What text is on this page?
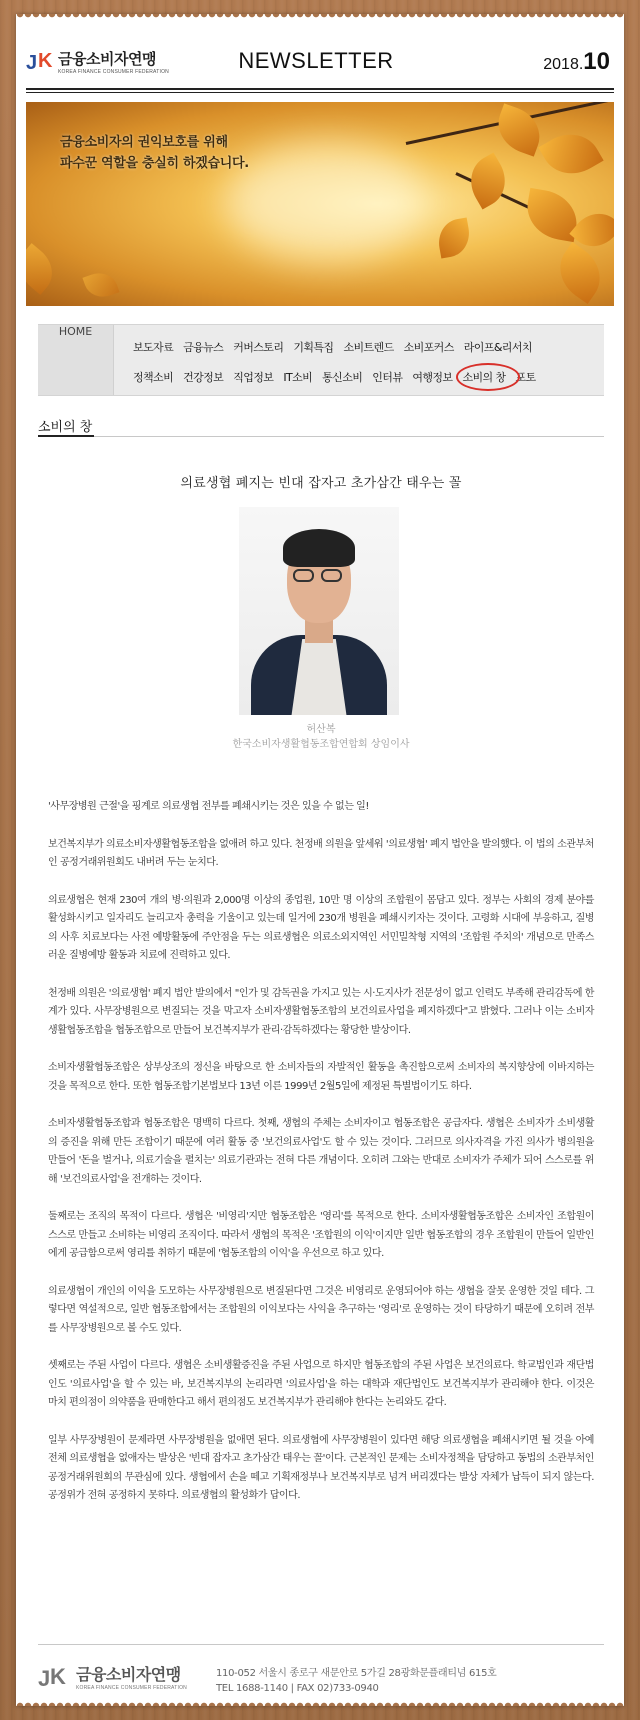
J K 금융소비자연맹
KOREA FINANCE CONSUMER FEDERATION	NEWSLETTER	2018.10
금융소비자의 권익보호를 위해
파수꾼 역할을 충실히 하겠습니다.
HOME
보도자료 금융뉴스 커버스토리 기획특집 소비트렌드 소비포커스 라이프&리서치
정책소비 건강정보 직업정보 IT소비 통신소비 인터뷰 여행정보 소비의 창 포토
소비의 창
의료생협 폐지는 빈대 잡자고 초가삼간 태우는 꼴
허산복
한국소비자생활협동조합연합회 상임이사

'사무장병원 근절'을 핑계로 의료생협 전부를 폐쇄시키는 것은 있을 수 없는 일!

보건복지부가 의료소비자생활협동조합을 없애려 하고 있다. 천정배 의원을 앞세워 '의료생협' 폐지 법안을 발의했다. 이 법의 소관부처인 공정거래위원회도 내버려 두는 눈치다.

의료생협은 현재 230여 개의 병·의원과 2,000명 이상의 종업원, 10만 명 이상의 조합원이 몸담고 있다. 정부는 사회의 경제 분야를 활성화시키고 일자리도 늘리고자 총력을 기울이고 있는데 일거에 230개 병원을 폐쇄시키자는 것이다. 고령화 시대에 부응하고, 질병의 사후 치료보다는 사전 예방활동에 주안점을 두는 의료생협은 의료소외지역인 서민밀착형 지역의 '조합원 주치의' 개념으로 만족스러운 질병예방 활동과 치료에 진력하고 있다.

천정배 의원은 '의료생협' 폐지 법안 발의에서 "인가 및 감독권을 가지고 있는 시·도지사가 전문성이 없고 인력도 부족해 관리감독에 한계가 있다. 사무장병원으로 변질되는 것을 막고자 소비자생활협동조합의 보건의료사업을 폐지하겠다"고 밝혔다. 그러나 이는 소비자생활협동조합을 협동조합으로 만들어 보건복지부가 관리·감독하겠다는 황당한 발상이다.

소비자생활협동조합은 상부상조의 정신을 바탕으로 한 소비자들의 자발적인 활동을 촉진함으로써 소비자의 복지향상에 이바지하는 것을 목적으로 한다. 또한 협동조합기본법보다 13년 이른 1999년 2월5일에 제정된 특별법이기도 하다.

소비자생활협동조합과 협동조합은 명백히 다르다. 첫째, 생협의 주체는 소비자이고 협동조합은 공급자다. 생협은 소비자가 소비생활의 증진을 위해 만든 조합이기 때문에 여러 활동 중 '보건의료사업'도 할 수 있는 것이다. 그러므로 의사자격을 가진 의사가 병의원을 만들어 '돈을 벌거나, 의료기술을 펼치는' 의료기관과는 전혀 다른 개념이다. 오히려 그와는 반대로 소비자가 주체가 되어 스스로를 위해 '보건의료사업'을 전개하는 것이다.

둘째로는 조직의 목적이 다르다. 생협은 '비영리'지만 협동조합은 '영리'를 목적으로 한다. 소비자생활협동조합은 소비자인 조합원이 스스로 만들고 소비하는 비영리 조직이다. 따라서 생협의 목적은 '조합원의 이익'이지만 일반 협동조합의 경우 조합원이 만들어 일반인에게 공급함으로써 영리를 취하기 때문에 '협동조합의 이익'을 우선으로 하고 있다.

의료생협이 개인의 이익을 도모하는 사무장병원으로 변질된다면 그것은 비영리로 운영되어야 하는 생협을 잘못 운영한 것일 테다. 그렇다면 역설적으로, 일반 협동조합에서는 조합원의 이익보다는 사익을 추구하는 '영리'로 운영하는 것이 타당하기 때문에 오히려 전부를 사무장병원으로 볼 수도 있다.

셋째로는 주된 사업이 다르다. 생협은 소비생활증진을 주된 사업으로 하지만 협동조합의 주된 사업은 보건의료다. 학교법인과 재단법인도 '의료사업'을 할 수 있는 바, 보건복지부의 논리라면 '의료사업'을 하는 대학과 재단법인도 보건복지부가 관리해야 한다. 이것은 마치 편의점이 의약품을 판매한다고 해서 편의점도 보건복지부가 관리해야 한다는 논리와도 같다.

일부 사무장병원이 문제라면 사무장병원을 없애면 된다. 의료생협에 사무장병원이 있다면 해당 의료생협을 폐쇄시키면 될 것을 아예 전체 의료생협을 없애자는 발상은 '빈대 잡자고 초가삼간 태우는 꼴'이다. 근본적인 문제는 소비자정책을 담당하고 동법의 소관부처인 공정거래위원회의 무관심에 있다. 생협에서 손을 떼고 기획재정부나 보건복지부로 넘겨 버리겠다는 발상 자체가 납득이 되지 않는다. 공정위가 전혀 공정하지 못하다. 의료생협의 활성화가 답이다.

J K 금융소비자연맹
KOREA FINANCE CONSUMER FEDERATION
110-052 서울시 종로구 새문안로 5가길 28광화문플래티넘 615호
TEL 1688-1140 | FAX 02)733-0940
